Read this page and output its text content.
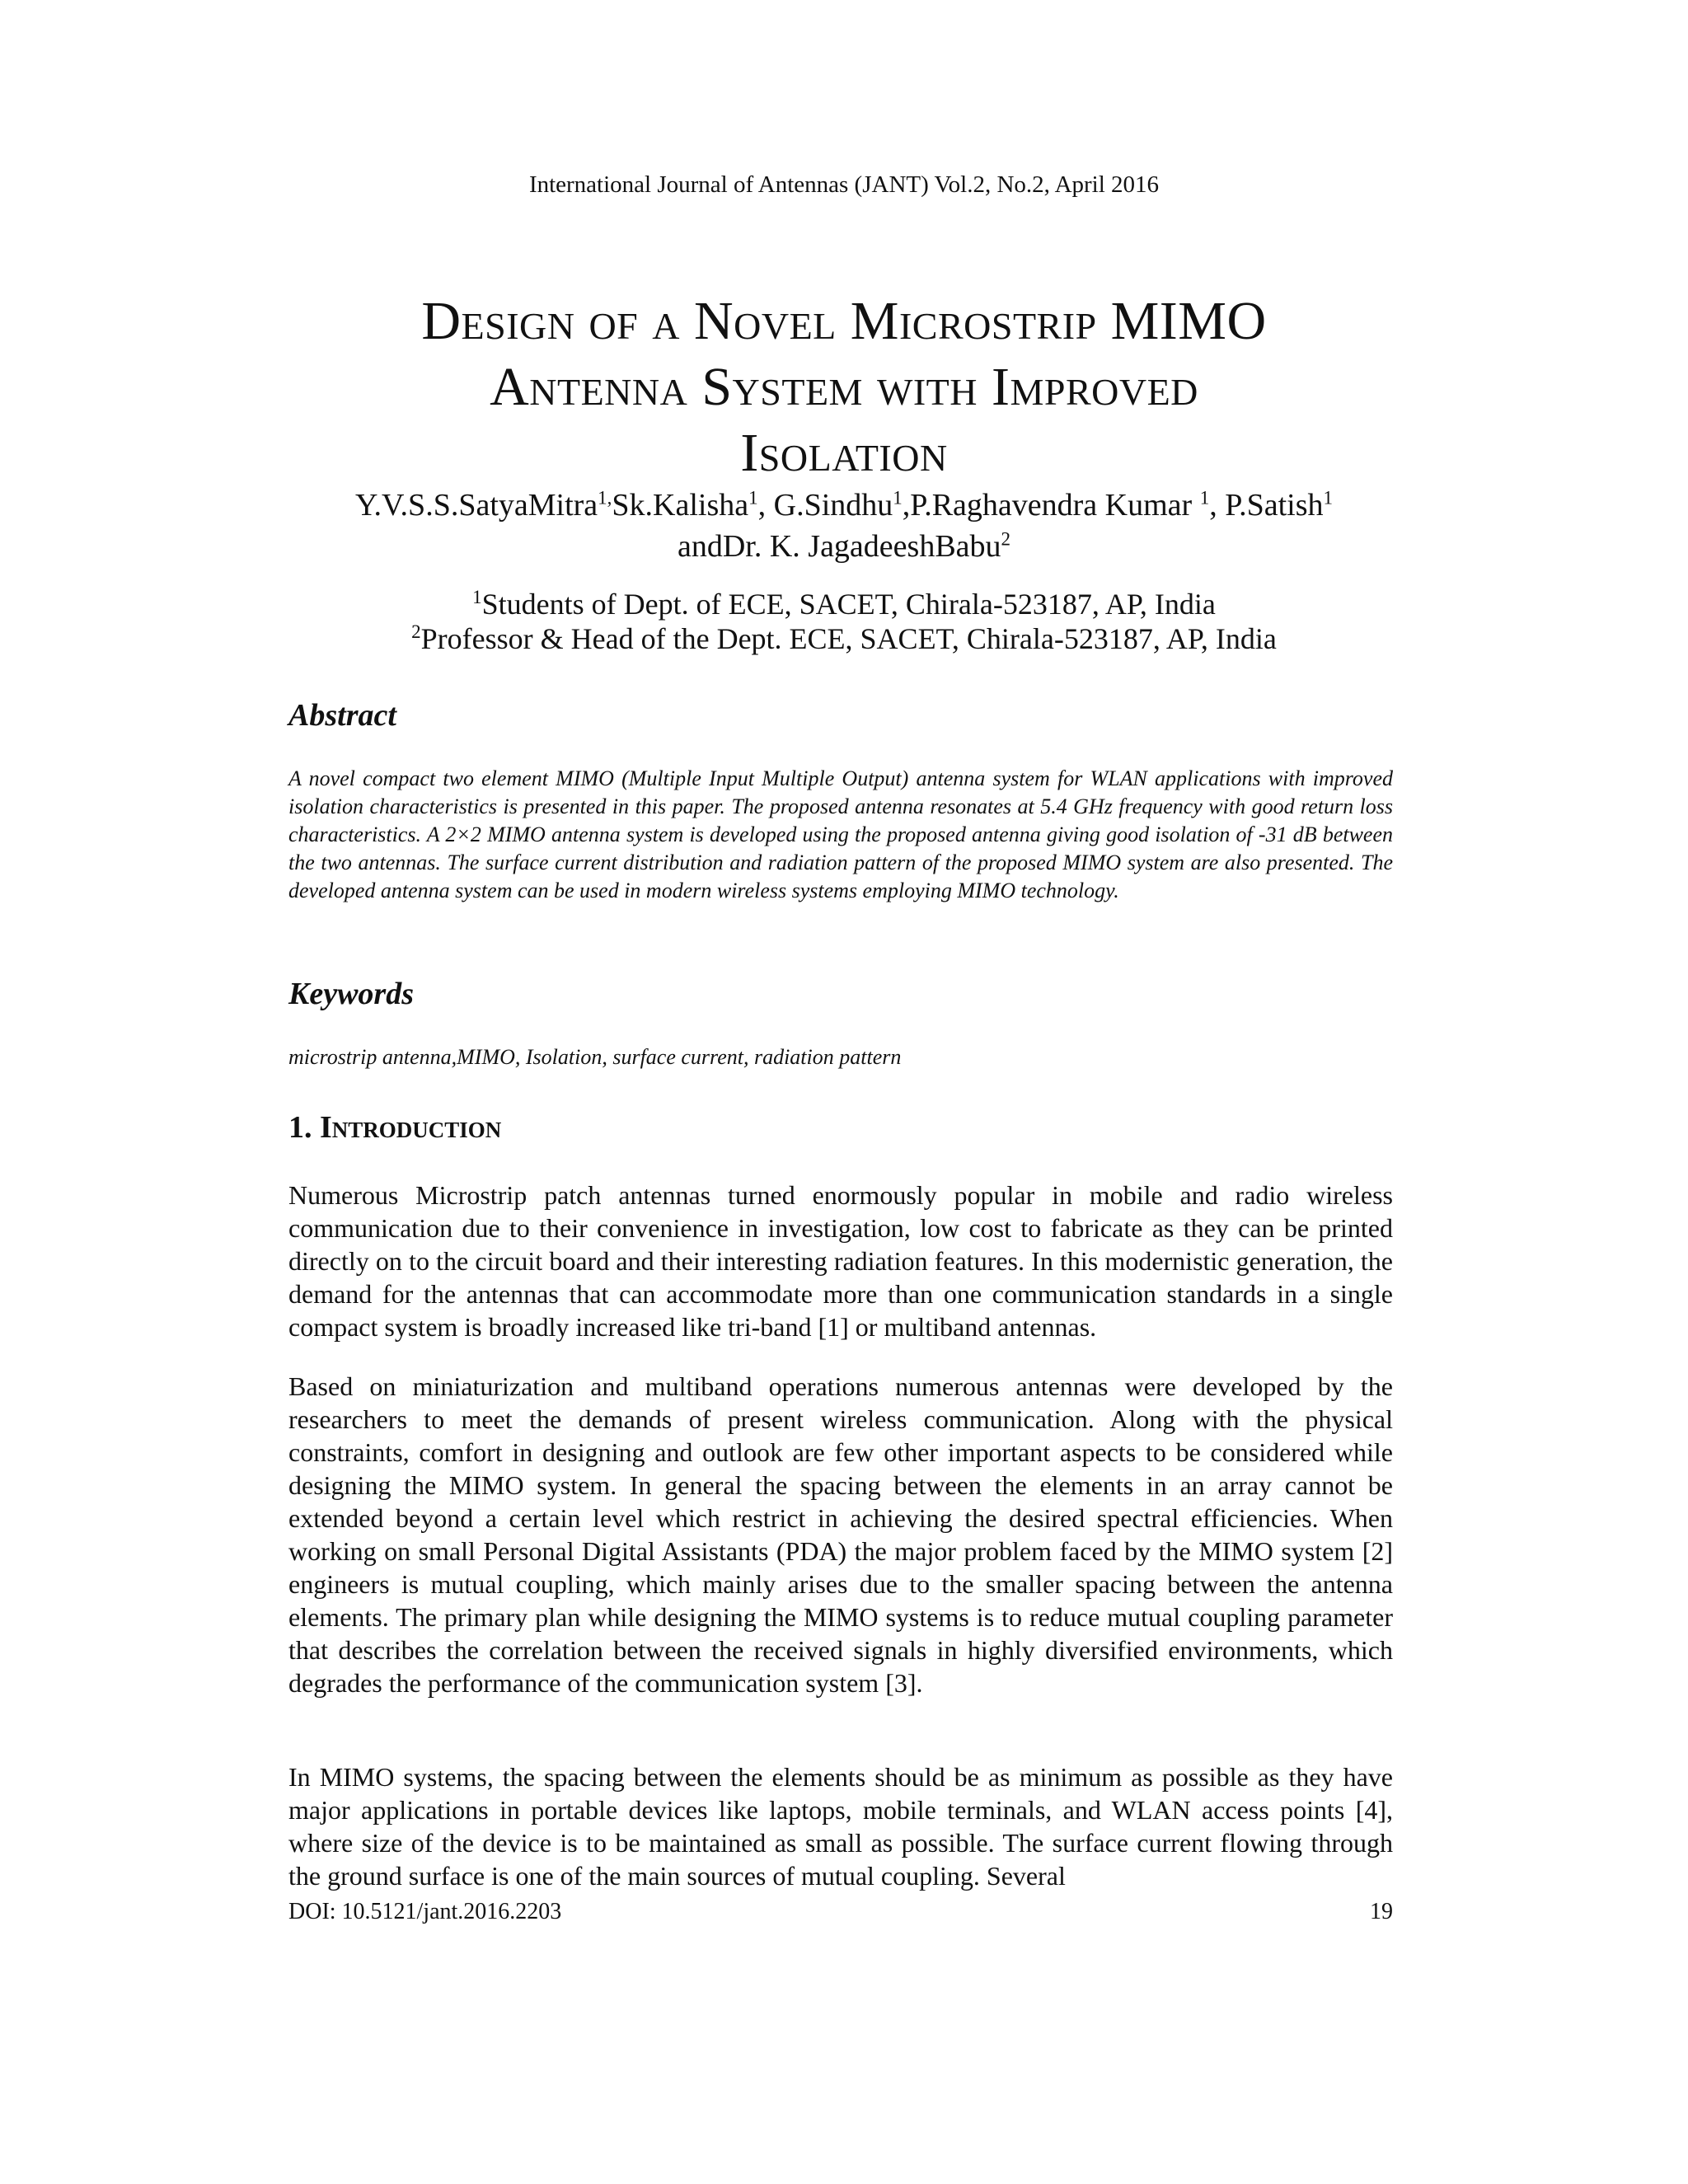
International Journal of Antennas (JANT) Vol.2, No.2, April 2016
Design of a Novel Microstrip MIMO
Antenna System with Improved
Isolation
Y.V.S.S.SatyaMitra$^{1,}$Sk.Kalisha$^1$, G.Sindhu$^1$,P.Raghavendra Kumar $^1$, P.Satish$^1$
andDr. K. JagadeeshBabu$^2$
$^1$Students of Dept. of ECE, SACET, Chirala-523187, AP, India
$^2$Professor & Head of the Dept. ECE, SACET, Chirala-523187, AP, India
Abstract
A novel compact two element MIMO (Multiple Input Multiple Output) antenna system for WLAN applications with improved isolation characteristics is presented in this paper. The proposed antenna resonates at 5.4 GHz frequency with good return loss characteristics. A 2×2 MIMO antenna system is developed using the proposed antenna giving good isolation of -31 dB between the two antennas. The surface current distribution and radiation pattern of the proposed MIMO system are also presented. The developed antenna system can be used in modern wireless systems employing MIMO technology.
Keywords
microstrip antenna,MIMO, Isolation, surface current, radiation pattern
1. Introduction
Numerous Microstrip patch antennas turned enormously popular in mobile and radio wireless communication due to their convenience in investigation, low cost to fabricate as they can be printed directly on to the circuit board and their interesting radiation features. In this modernistic generation, the demand for the antennas that can accommodate more than one communication standards in a single compact system is broadly increased like tri-band [1] or multiband antennas.
Based on miniaturization and multiband operations numerous antennas were developed by the researchers to meet the demands of present wireless communication. Along with the physical constraints, comfort in designing and outlook are few other important aspects to be considered while designing the MIMO system. In general the spacing between the elements in an array cannot be extended beyond a certain level which restrict in achieving the desired spectral efficiencies. When working on small Personal Digital Assistants (PDA) the major problem faced by the MIMO system [2] engineers is mutual coupling, which mainly arises due to the smaller spacing between the antenna elements. The primary plan while designing the MIMO systems is to reduce mutual coupling parameter that describes the correlation between the received signals in highly diversified environments, which degrades the performance of the communication system [3].
In MIMO systems, the spacing between the elements should be as minimum as possible as they have major applications in portable devices like laptops, mobile terminals, and WLAN access points [4], where size of the device is to be maintained as small as possible. The surface current flowing through the ground surface is one of the main sources of mutual coupling. Several
DOI: 10.5121/jant.2016.2203	19
